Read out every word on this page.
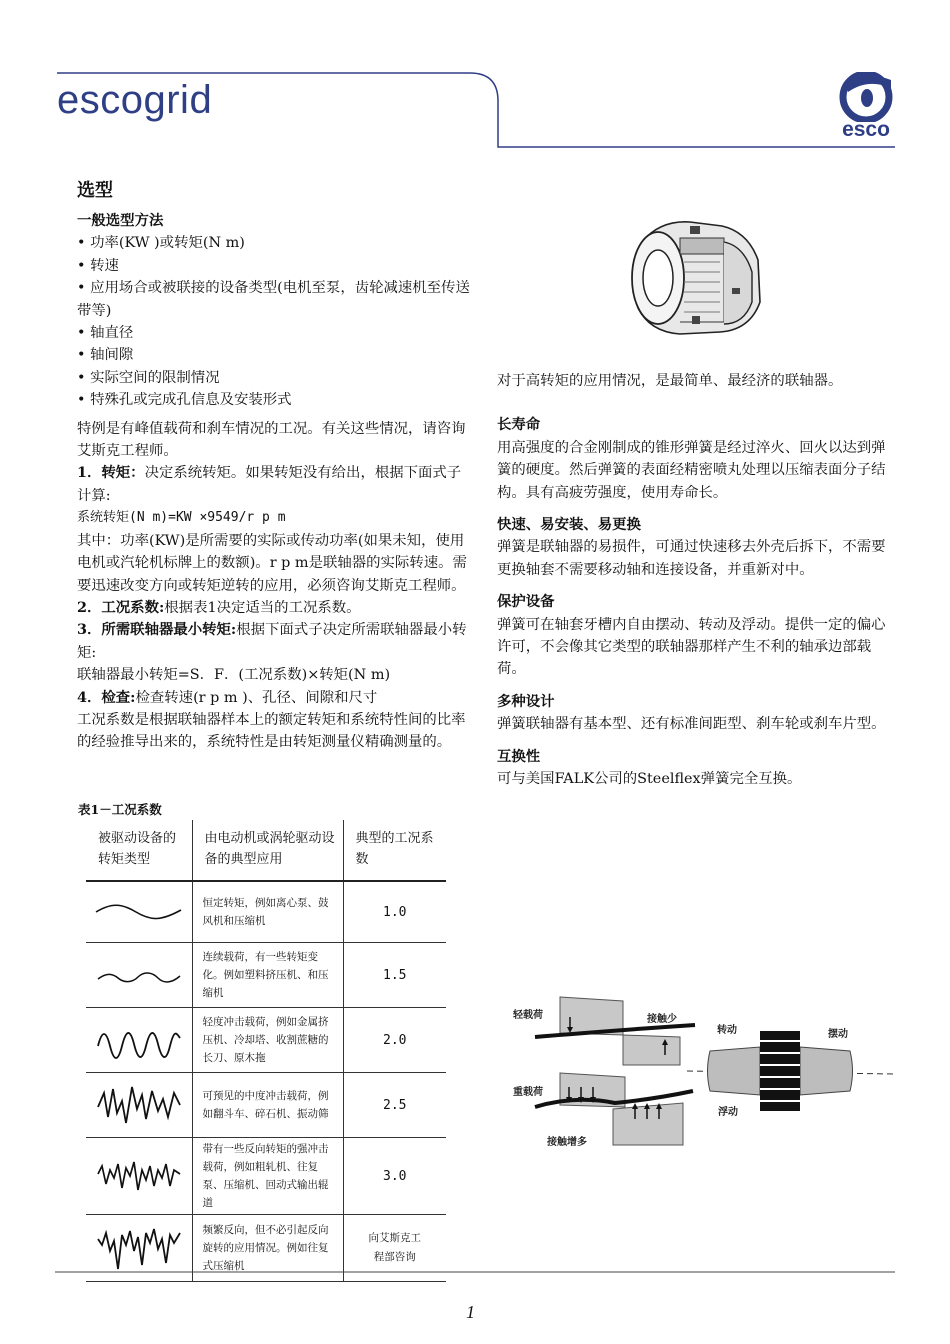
escogrid
esco
选型

一般选型方法

• 功率(KW )或转矩(N m)

• 转速

• 应用场合或被联接的设备类型(电机至泵，齿轮减速机至传送带等)

• 轴直径

• 轴间隙

• 实际空间的限制情况

• 特殊孔或完成孔信息及安装形式

特例是有峰值载荷和刹车情况的工况。有关这些情况，请咨询艾斯克工程师。

1．转矩：决定系统转矩。如果转矩没有给出，根据下面式子计算:

系统转矩(N m)=KW ×9549/r p m

其中：功率(KW)是所需要的实际或传动功率(如果未知，使用电机或汽轮机标牌上的数额)。r p m是联轴器的实际转速。需要迅速改变方向或转矩逆转的应用，必须咨询艾斯克工程师。

2．工况系数:根据表1决定适当的工况系数。

3．所需联轴器最小转矩:根据下面式子决定所需联轴器最小转矩:

联轴器最小转矩=S．F．(工况系数)×转矩(N m)

4．检查:检查转速(r p m )、孔径、间隙和尺寸

工况系数是根据联轴器样本上的额定转矩和系统特性间的比率的经验推导出来的，系统特性是由转矩测量仪精确测量的。

表1－工况系数
被驱动设备的转矩类型	由电动机或涡轮驱动设备的典型应用	典型的工况系数
	恒定转矩，例如离心泵、鼓风机和压缩机	1.0
	连续载荷，有一些转矩变化。例如塑料挤压机、和压缩机	1.5
	轻度冲击载荷，例如金属挤压机、冷却塔、收割蔗糖的长刀、原木拖	2.0
	可预见的中度冲击载荷，例如翻斗车、碎石机、振动筛	2.5
	带有一些反向转矩的强冲击载荷，例如粗轧机、往复泵、压缩机、回动式输出辊道	3.0
	频繁反向，但不必引起反向旋转的应用情况。例如往复式压缩机	向艾斯克工程部咨询

对于高转矩的应用情况，是最简单、最经济的联轴器。

长寿命

用高强度的合金刚制成的锥形弹簧是经过淬火、回火以达到弹簧的硬度。然后弹簧的表面经精密喷丸处理以压缩表面分子结构。具有高疲劳强度，使用寿命长。

快速、易安装、易更换

弹簧是联轴器的易损件，可通过快速移去外壳后拆下，不需要更换轴套不需要移动轴和连接设备，并重新对中。

保护设备

弹簧可在轴套牙槽内自由摆动、转动及浮动。提供一定的偏心许可，不会像其它类型的联轴器那样产生不利的轴承边部载荷。

多种设计

弹簧联轴器有基本型、还有标准间距型、刹车轮或刹车片型。

互换性

可与美国FALK公司的Steelflex弹簧完全互换。

轻载荷	接触少
重载荷
接触增多
转动	摆动
浮动
1
